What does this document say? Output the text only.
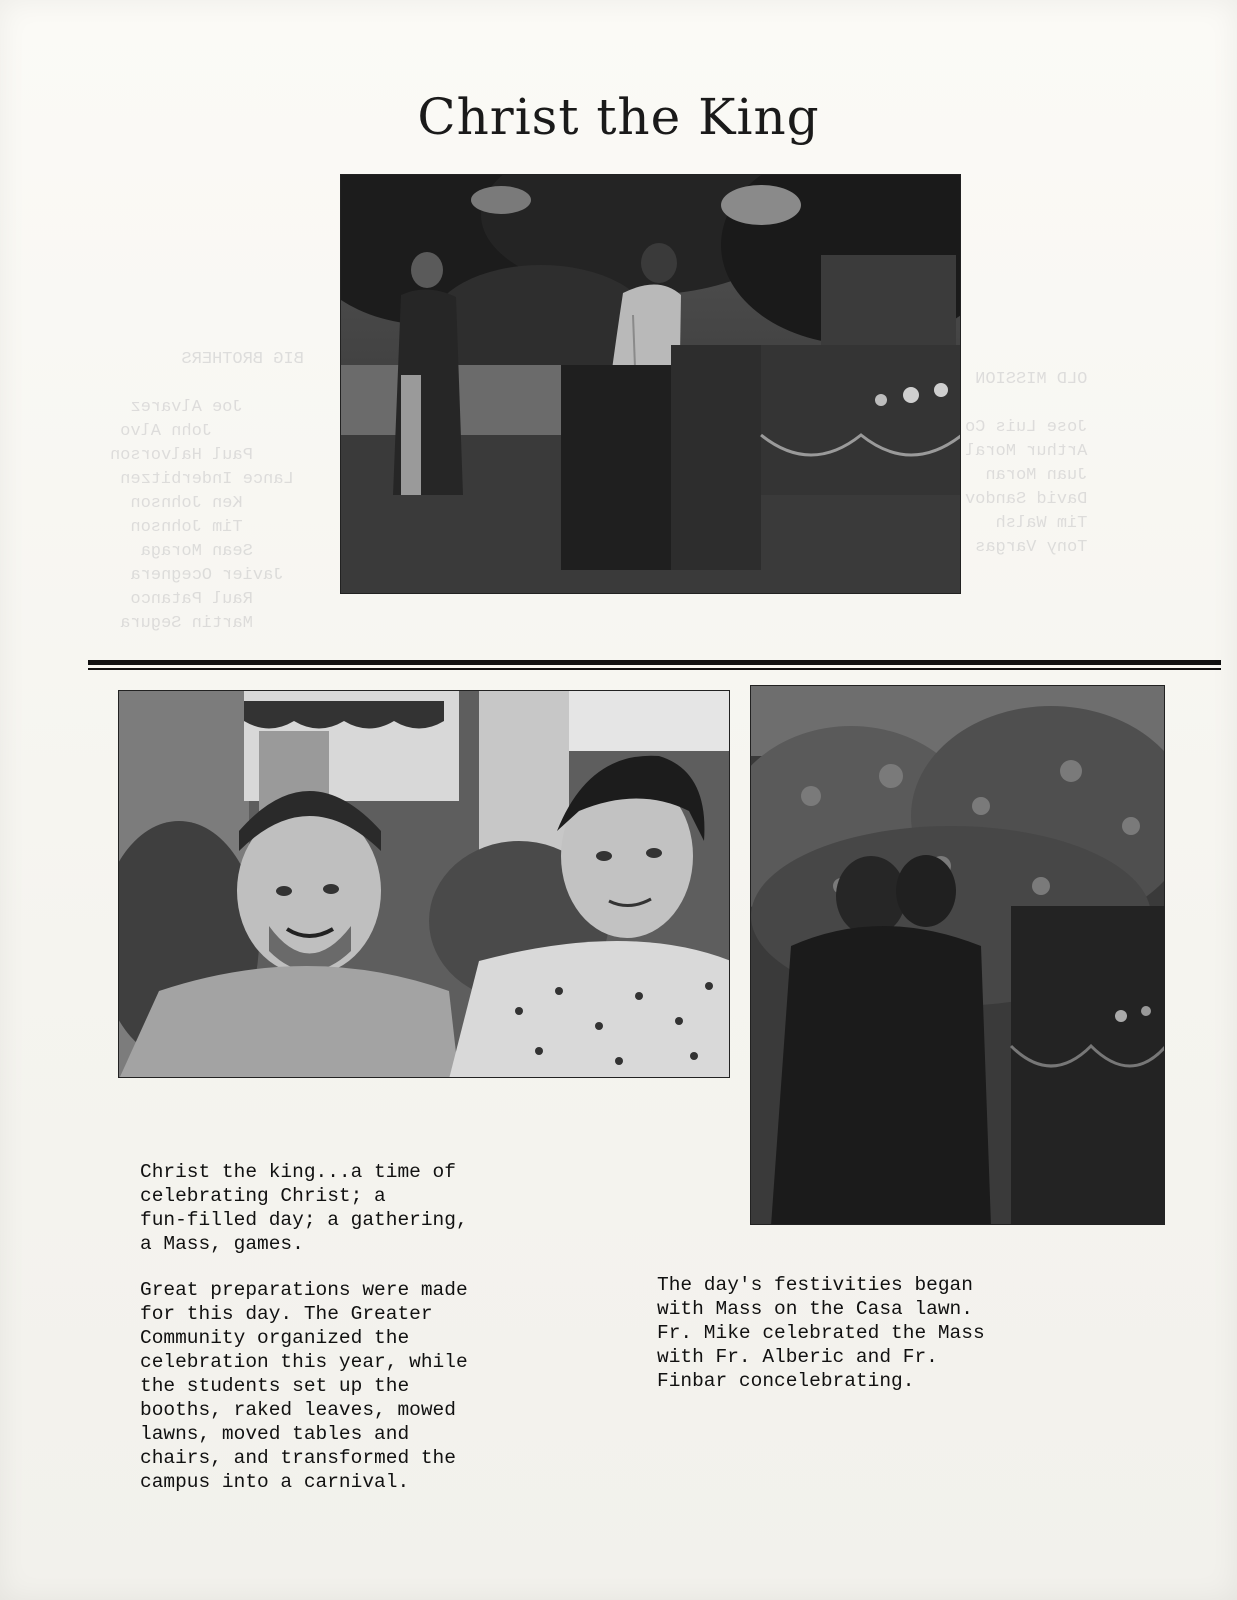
BIG BROTHERS

Joe Alvarez
John Alvo
Paul Halvorson
Lance Inderbitzen
Ken Johnson
Tim Johnson
Sean Moraga
Javier Ocegnera
Raul Patanco
Martin Segura
OLD MISSION

Jose Luis Co
Arthur Moral
Juan Moran
David Sandov
Tim Walsh
Tony Vargas
Christ the King

Christ the king...a time of
celebrating Christ; a
fun-filled day; a gathering,
a Mass, games.

Great preparations were made
for this day. The Greater
Community organized the
celebration this year, while
the students set up the
booths, raked leaves, mowed
lawns, moved tables and
chairs, and transformed the
campus into a carnival.

The day's festivities began
with Mass on the Casa lawn.
Fr. Mike celebrated the Mass
with Fr. Alberic and Fr.
Finbar concelebrating.
